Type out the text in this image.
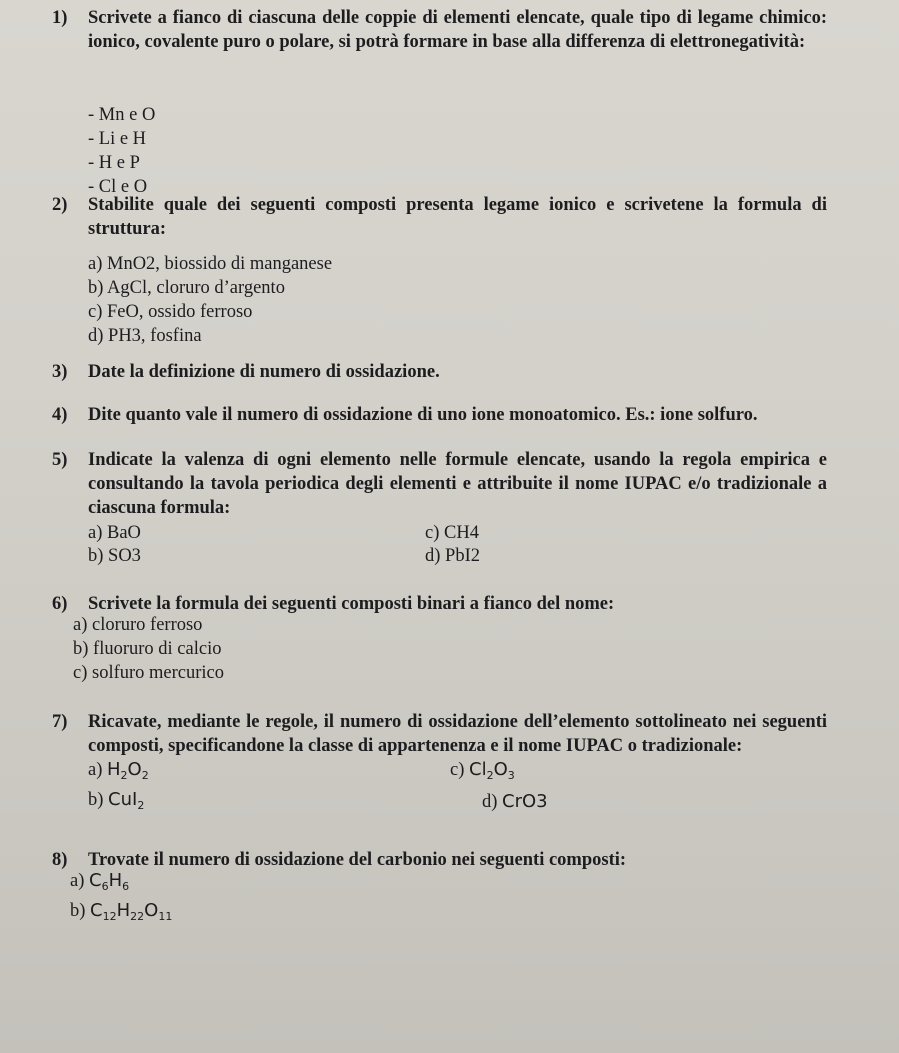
1) Scrivete a fianco di ciascuna delle coppie di elementi elencate, quale tipo di legame chimico: ionico, covalente puro o polare, si potrà formare in base alla differenza di elettronegatività:
- Mn e O
- Li e H
- H e P
- Cl e O
2) Stabilite quale dei seguenti composti presenta legame ionico e scrivetene la formula di struttura:
a) MnO2, biossido di manganese
b) AgCl, cloruro d’argento
c) FeO, ossido ferroso
d) PH3, fosfina
3) Date la definizione di numero di ossidazione.
4) Dite quanto vale il numero di ossidazione di uno ione monoatomico. Es.: ione solfuro.
5) Indicate la valenza di ogni elemento nelle formule elencate, usando la regola empirica e consultando la tavola periodica degli elementi e attribuite il nome IUPAC e/o tradizionale a ciascuna formula:
a) BaO
b) SO3
c) CH4
d) PbI2
6) Scrivete la formula dei seguenti composti binari a fianco del nome:
a) cloruro ferroso
b) fluoruro di calcio
c) solfuro mercurico
7) Ricavate, mediante le regole, il numero di ossidazione dell’elemento sottolineato nei seguenti composti, specificandone la classe di appartenenza e il nome IUPAC o tradizionale:
a) $H_2O_2$
b) CuI$_2$
c) $Cl_2O_3$
d) CrO3
8) Trovate il numero di ossidazione del carbonio nei seguenti composti:
a) $C_6H_6$
b) $C_{12}H_{22}O_{11}$
